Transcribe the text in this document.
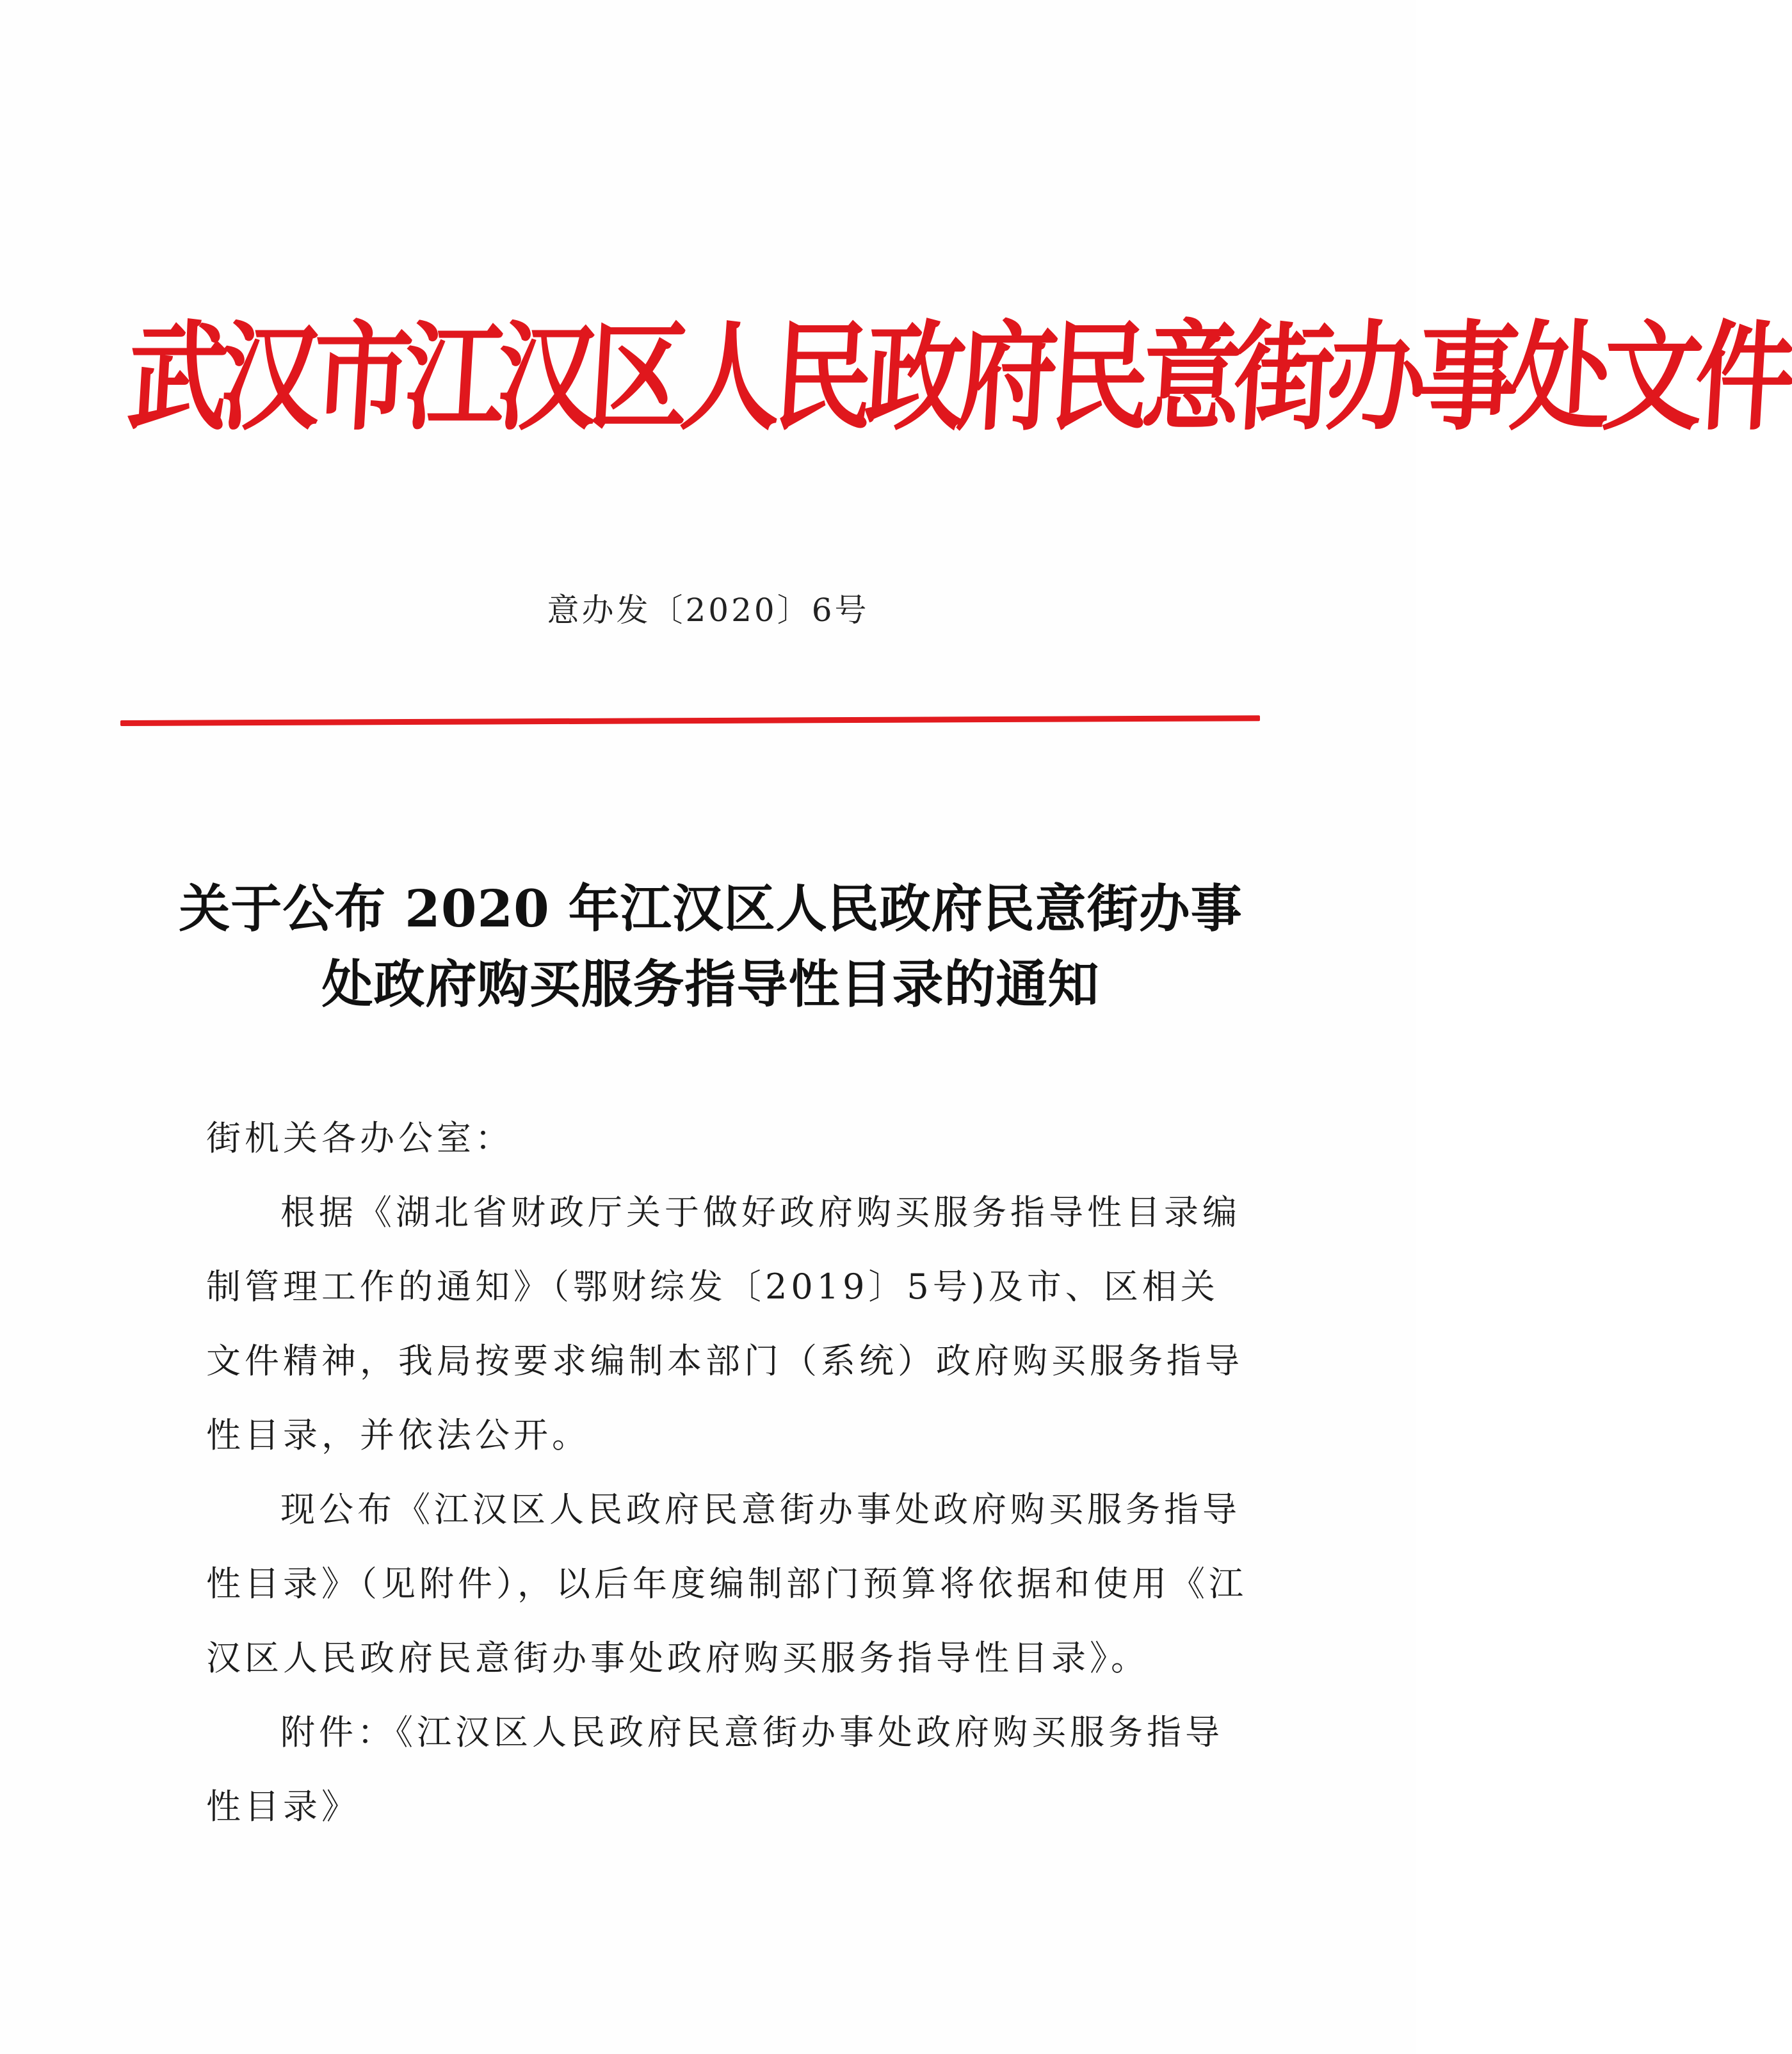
武汉市江汉区人民政府民意街办事处文件
意办发〔2020〕6号
关于公布 2020 年江汉区人民政府民意街办事
处政府购买服务指导性目录的通知
街机关各办公室：

根据《湖北省财政厅关于做好政府购买服务指导性目录编制管理工作的通知》（鄂财综发〔2019〕5号)及市、区相关文件精神，我局按要求编制本部门（系统）政府购买服务指导性目录，并依法公开。

现公布《江汉区人民政府民意街办事处政府购买服务指导性目录》（见附件），以后年度编制部门预算将依据和使用《江汉区人民政府民意街办事处政府购买服务指导性目录》。

附件：《江汉区人民政府民意街办事处政府购买服务指导性目录》
